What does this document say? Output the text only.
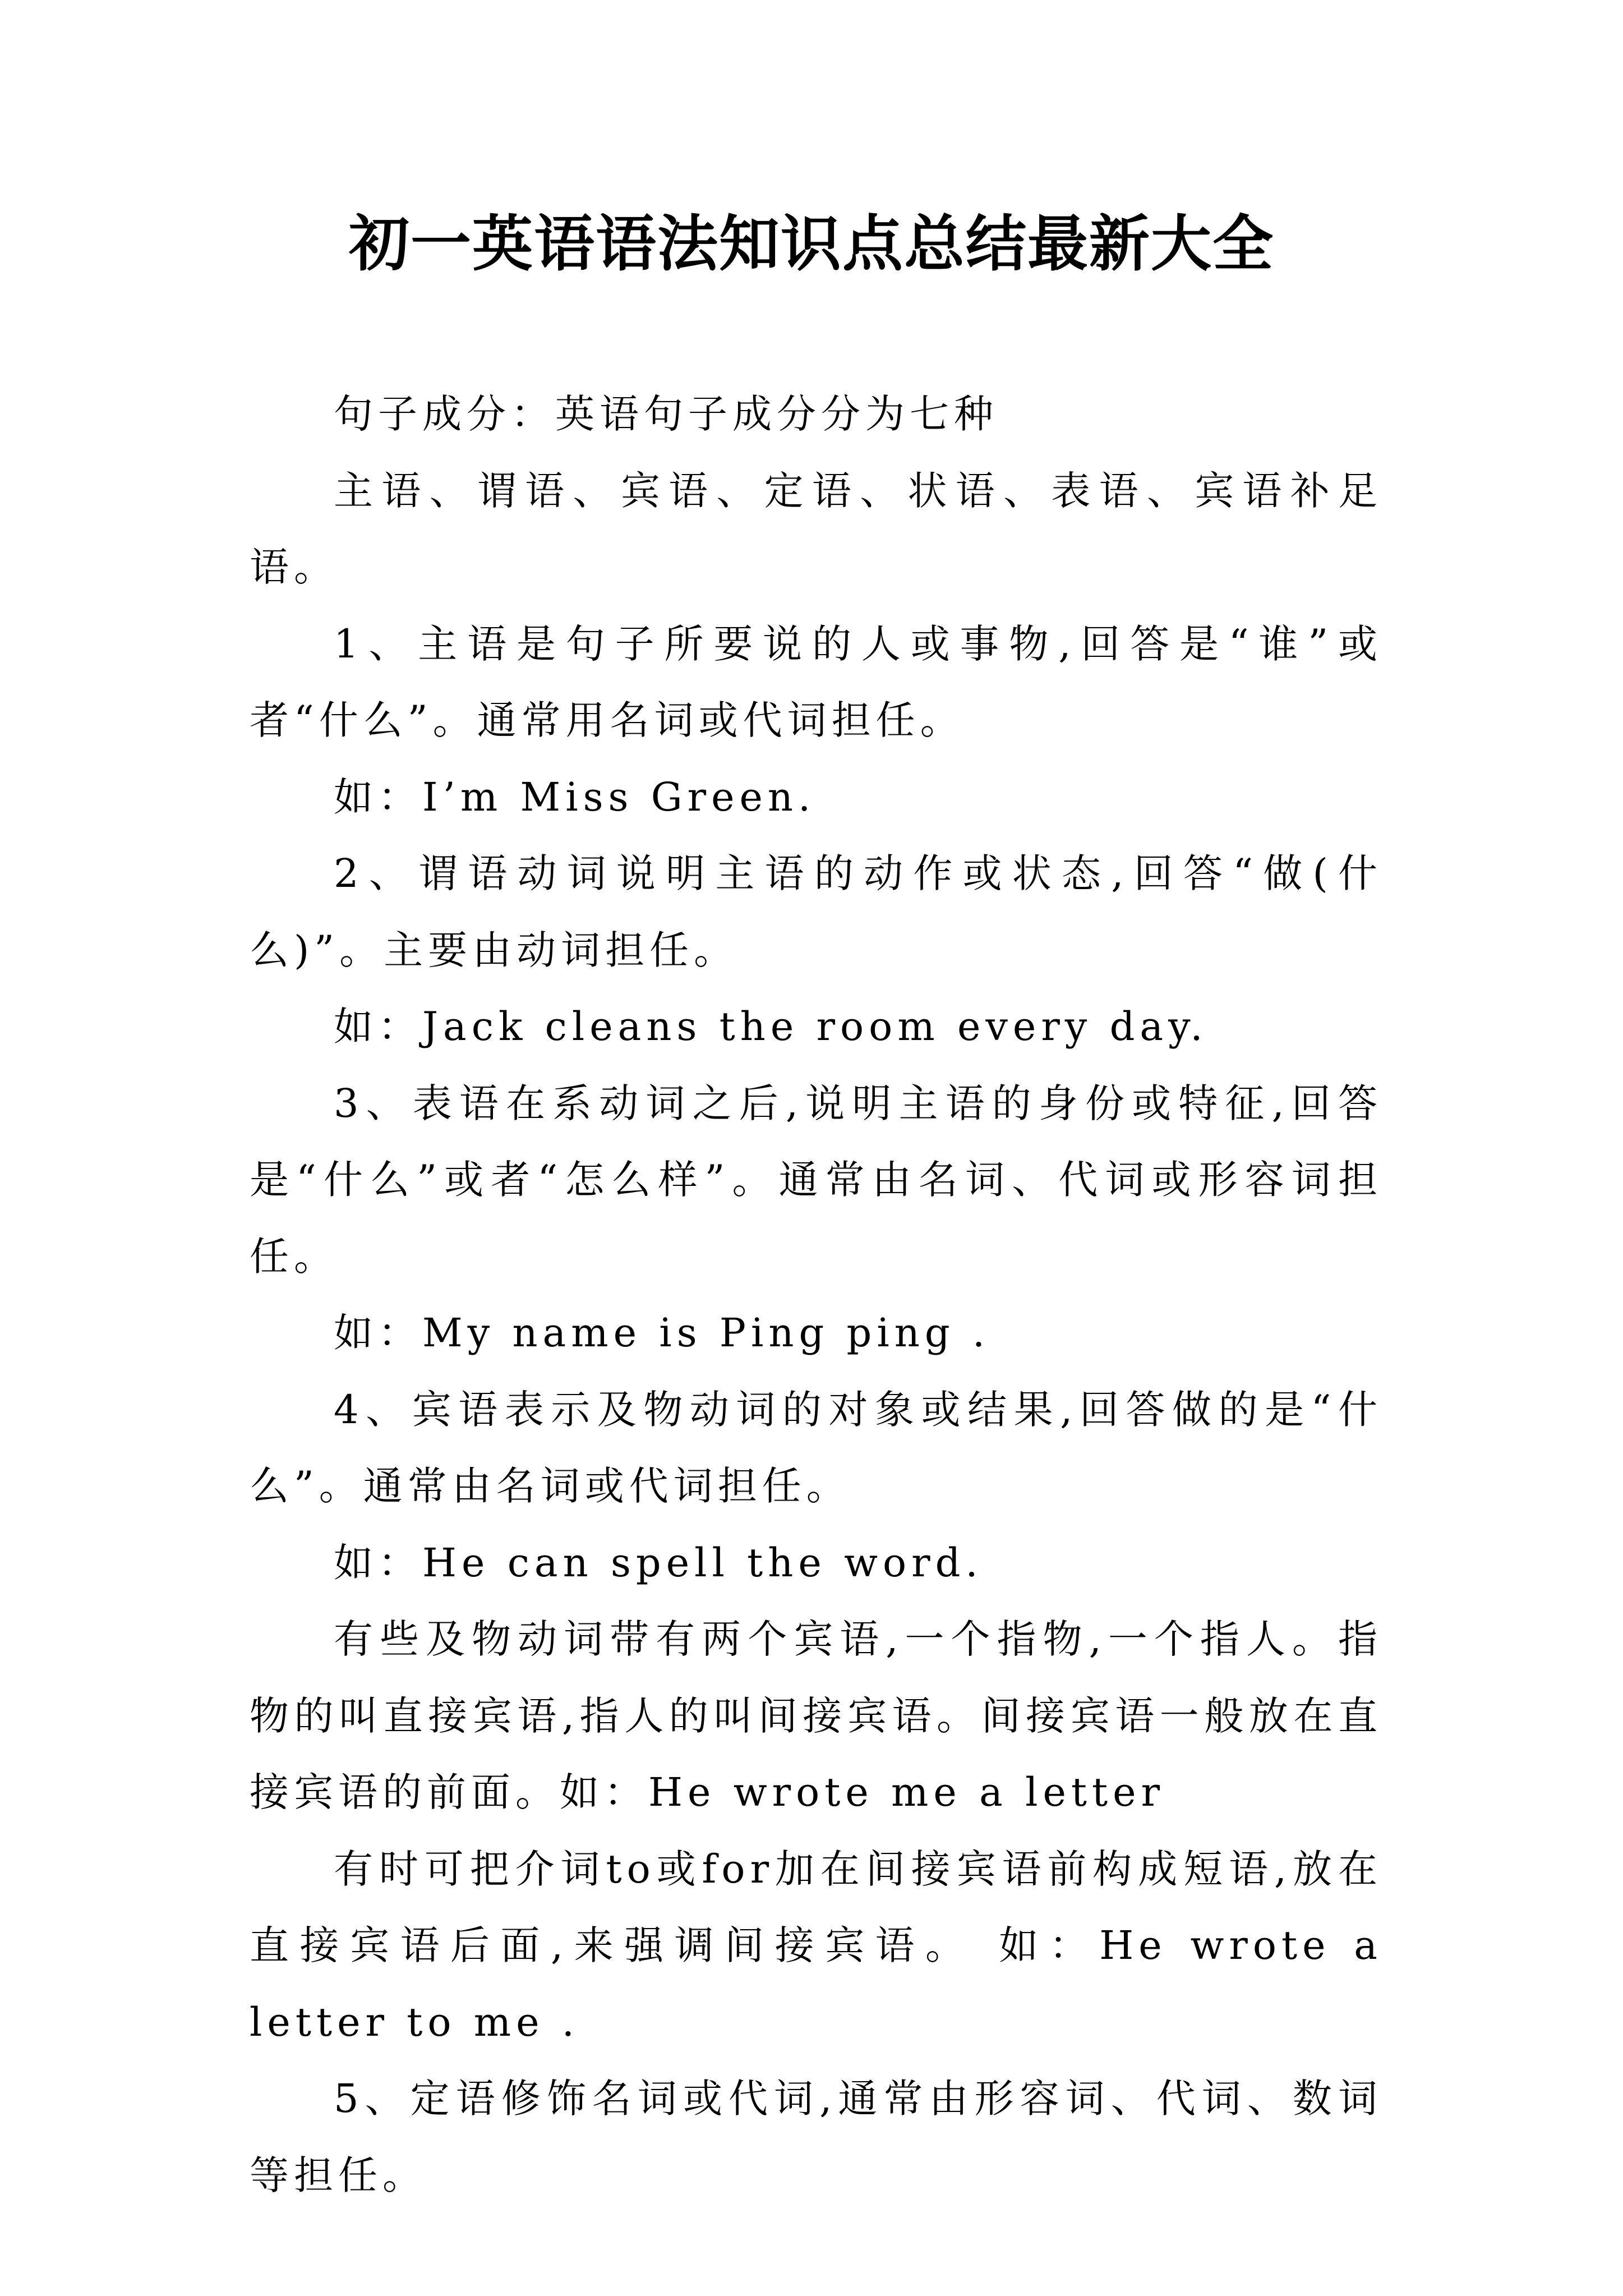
初一英语语法知识点总结最新大全

句子成分：英语句子成分分为七种

主语、谓语、宾语、定语、状语、表语、宾语补足语。

1、主语是句子所要说的人或事物,回答是“谁”或者“什么”。通常用名词或代词担任。

如：I’m Miss Green.

2、谓语动词说明主语的动作或状态,回答“做(什么)”。主要由动词担任。

如：Jack cleans the room every day.

3、表语在系动词之后,说明主语的身份或特征,回答是“什么”或者“怎么样”。通常由名词、代词或形容词担任。

如：My name is Ping ping .

4、宾语表示及物动词的对象或结果,回答做的是“什么”。通常由名词或代词担任。

如：He can spell the word.

有些及物动词带有两个宾语,一个指物,一个指人。指物的叫直接宾语,指人的叫间接宾语。间接宾语一般放在直接宾语的前面。如：He wrote me a letter

有时可把介词to或for加在间接宾语前构成短语,放在直接宾语后面,来强调间接宾语。 如：He wrote a letter to me .

5、定语修饰名词或代词,通常由形容词、代词、数词等担任。
